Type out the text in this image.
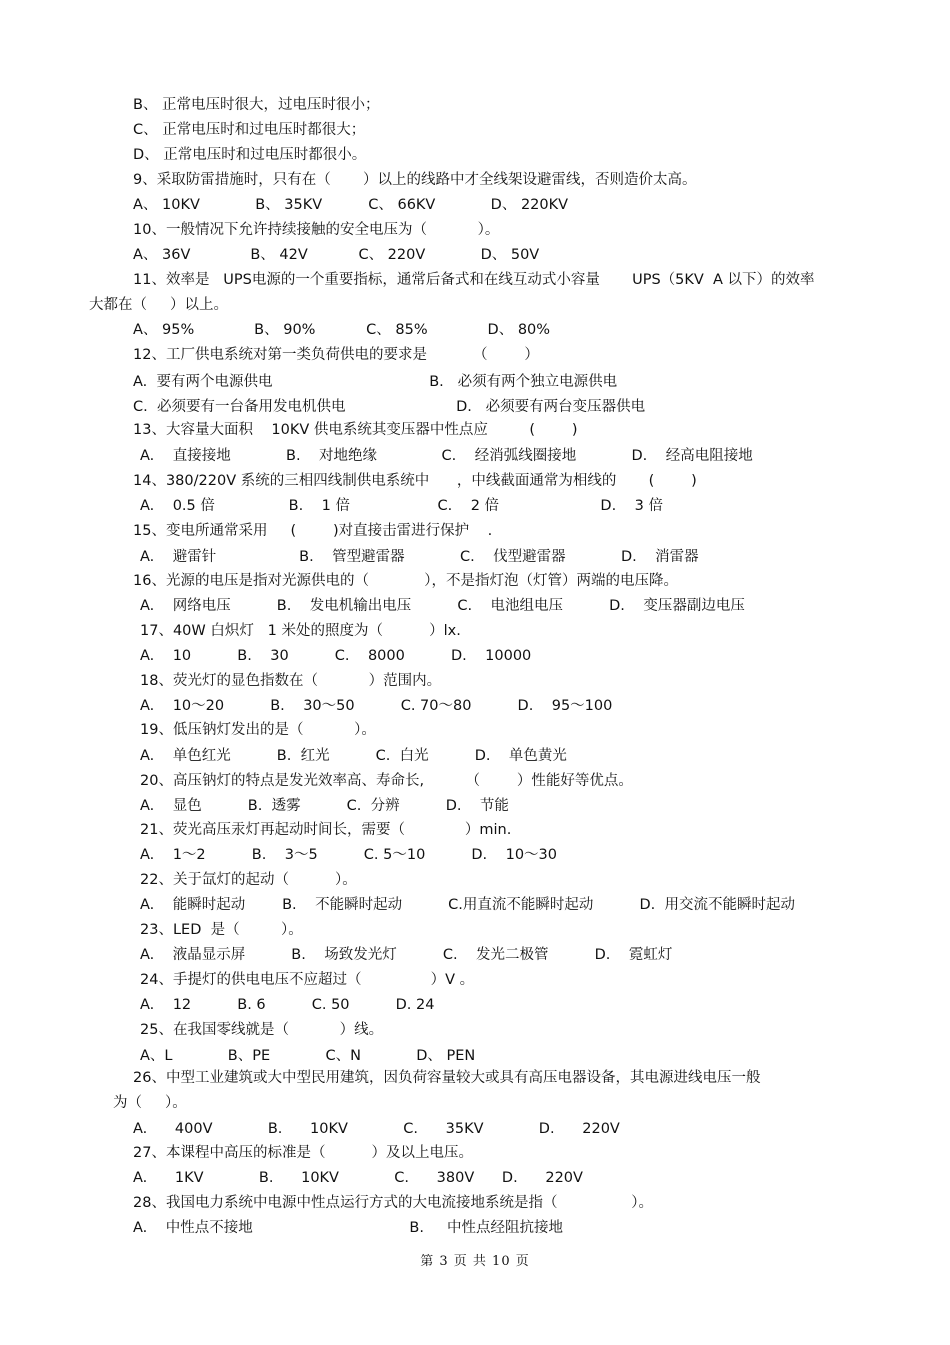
B、 正常电压时很大，过电压时很小；
C、 正常电压时和过电压时都很大；
D、 正常电压时和过电压时都很小。
9、采取防雷措施时，只有在（       ）以上的线路中才全线架设避雷线，否则造价太高。
A、 10KV            B、 35KV          C、 66KV            D、 220KV
10、一般情况下允许持续接触的安全电压为（           ）。
A、 36V             B、 42V           C、 220V            D、 50V
11、效率是   UPS电源的一个重要指标，通常后备式和在线互动式小容量       UPS（5KV  A 以下）的效率
大都在（     ）以上。
A、 95%             B、 90%           C、 85%             D、 80%
12、工厂供电系统对第一类负荷供电的要求是          （        ）
A.  要有两个电源供电                                  B.   必须有两个独立电源供电
C.  必须要有一台备用发电机供电                        D.   必须要有两台变压器供电
13、大容量大面积    10KV 供电系统其变压器中性点应         (        )
A.    直接接地            B.    对地绝缘              C.    经消弧线圈接地            D.    经高电阻接地
14、380/220V 系统的三相四线制供电系统中      ，中线截面通常为相线的       (        )
A.    0.5 倍                B.    1 倍                   C.    2 倍                      D.    3 倍
15、变电所通常采用     (        )对直接击雷进行保护    .
A.    避雷针                  B.    管型避雷器            C.    伐型避雷器            D.    消雷器
16、光源的电压是指对光源供电的（            ），不是指灯泡（灯管）两端的电压降。
A.    网络电压          B.    发电机输出电压          C.    电池组电压          D.    变压器副边电压
17、40W 白炽灯   1 米处的照度为（          ）lx.
A.    10          B.    30          C.    8000          D.    10000
18、荧光灯的显色指数在（           ）范围内。
A.    10～20          B.    30～50          C. 70～80          D.    95～100
19、低压钠灯发出的是（           ）。
A.    单色红光          B.  红光          C.  白光          D.    单色黄光
20、高压钠灯的特点是发光效率高、寿命长,         （        ）性能好等优点。
A.    显色          B.  透雾          C.  分辨          D.    节能
21、荧光高压汞灯再起动时间长，需要（             ）min.
A.    1～2          B.    3～5          C. 5～10          D.    10～30
22、关于氙灯的起动（          ）。
A.    能瞬时起动        B.    不能瞬时起动          C.用直流不能瞬时起动          D.  用交流不能瞬时起动
23、LED  是（         ）。
A.    液晶显示屏          B.    场致发光灯          C.    发光二极管          D.    霓虹灯
24、手提灯的供电电压不应超过（               ）V 。
A.    12          B. 6          C. 50          D. 24
25、在我国零线就是（           ）线。
A、L            B、PE            C、N            D、 PEN
26、中型工业建筑或大中型民用建筑，因负荷容量较大或具有高压电器设备，其电源进线电压一般
为（     ）。
A.      400V            B.      10KV            C.      35KV            D.      220V
27、本课程中高压的标准是（          ）及以上电压。
A.      1KV            B.      10KV            C.      380V      D.      220V
28、我国电力系统中电源中性点运行方式的大电流接地系统是指（                ）。
A.    中性点不接地                                  B.     中性点经阻抗接地
第 3 页 共 10 页
